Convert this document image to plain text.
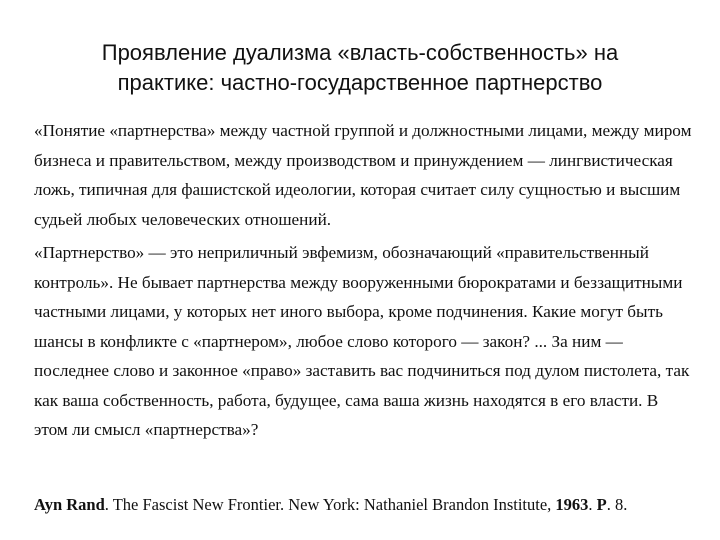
Проявление дуализма «власть-собственность» на
практике: частно-государственное партнерство

«Понятие «партнерства» между частной группой и должностными лицами, между миром бизнеса и правительством, между производством и принуждением — лингвистическая ложь, типичная для фашистской идеологии, которая считает силу сущностью и высшим судьей любых человеческих отношений.

«Партнерство» — это неприличный эвфемизм, обозначающий «правительственный контроль». Не бывает партнерства между вооруженными бюрократами и беззащитными частными лицами, у которых нет иного выбора, кроме подчинения. Какие могут быть шансы в конфликте с «партнером», любое слово которого — закон? ... За ним — последнее слово и законное «право» заставить вас подчиниться под дулом пистолета, так как ваша собственность, работа, будущее, сама ваша жизнь находятся в его власти. В этом ли смысл «партнерства»?

Ayn Rand. The Fascist New Frontier. New York: Nathaniel Brandon Institute, 1963. P. 8.
